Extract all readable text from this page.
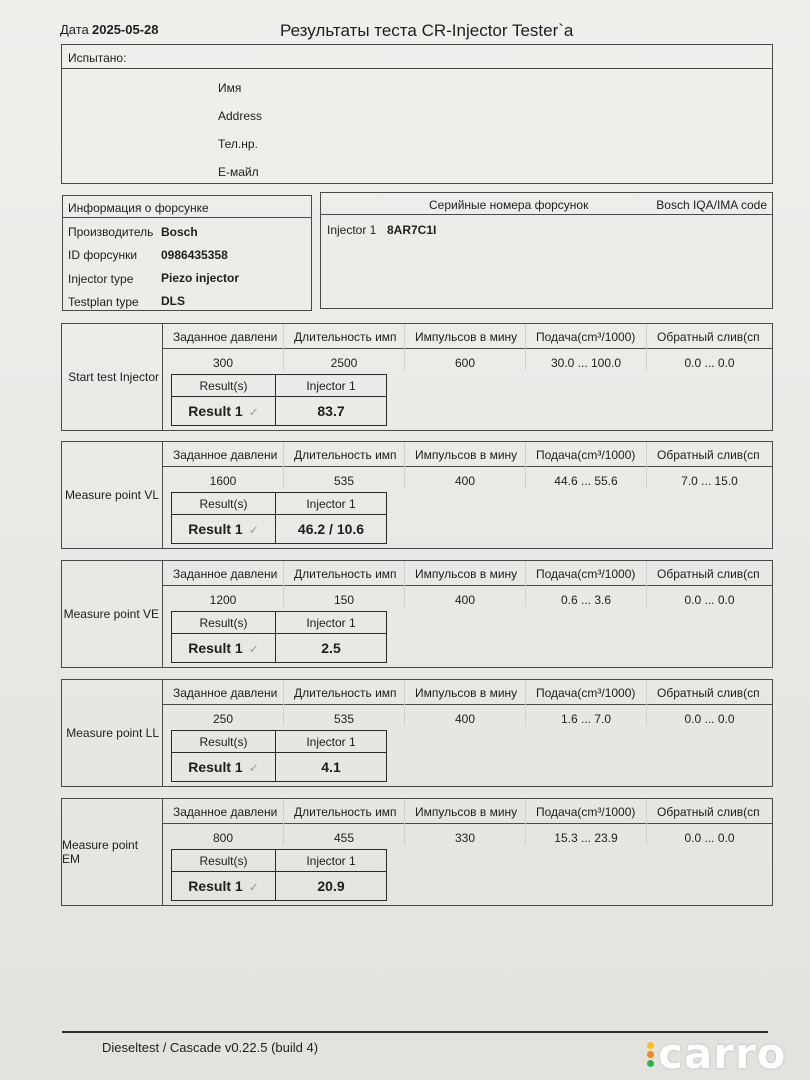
Дата 2025-05-28	Результаты теста CR-Injector Tester`a
Испытано:
Имя
Address
Тел.нр.
E-майл
Информация о форсунке
Производитель Bosch
ID форсунки 0986435358
Injector type Piezo injector
Testplan type DLS
Серийные номера форсунок	Bosch IQA/IMA code
Injector 1 8AR7C1I
Start test Injector
Заданное давлени	Длительность имп	Импульсов в мину	Подача(cm³/1000)	Обратный слив(cп
300	2500	600	30.0 ... 100.0	0.0 ... 0.0
Result(s)	Injector 1
Result 1 ✓	83.7
Measure point VL
Заданное давлени	Длительность имп	Импульсов в мину	Подача(cm³/1000)	Обратный слив(cп
1600	535	400	44.6 ... 55.6	7.0 ... 15.0
Result(s)	Injector 1
Result 1 ✓	46.2 / 10.6
Measure point VE
Заданное давлени	Длительность имп	Импульсов в мину	Подача(cm³/1000)	Обратный слив(cп
1200	150	400	0.6 ... 3.6	0.0 ... 0.0
Result(s)	Injector 1
Result 1 ✓	2.5
Measure point LL
Заданное давлени	Длительность имп	Импульсов в мину	Подача(cm³/1000)	Обратный слив(cп
250	535	400	1.6 ... 7.0	0.0 ... 0.0
Result(s)	Injector 1
Result 1 ✓	4.1
Measure point EM
Заданное давлени	Длительность имп	Импульсов в мину	Подача(cm³/1000)	Обратный слив(cп
800	455	330	15.3 ... 23.9	0.0 ... 0.0
Result(s)	Injector 1
Result 1 ✓	20.9
Dieseltest / Cascade v0.22.5 (build 4)	carro
